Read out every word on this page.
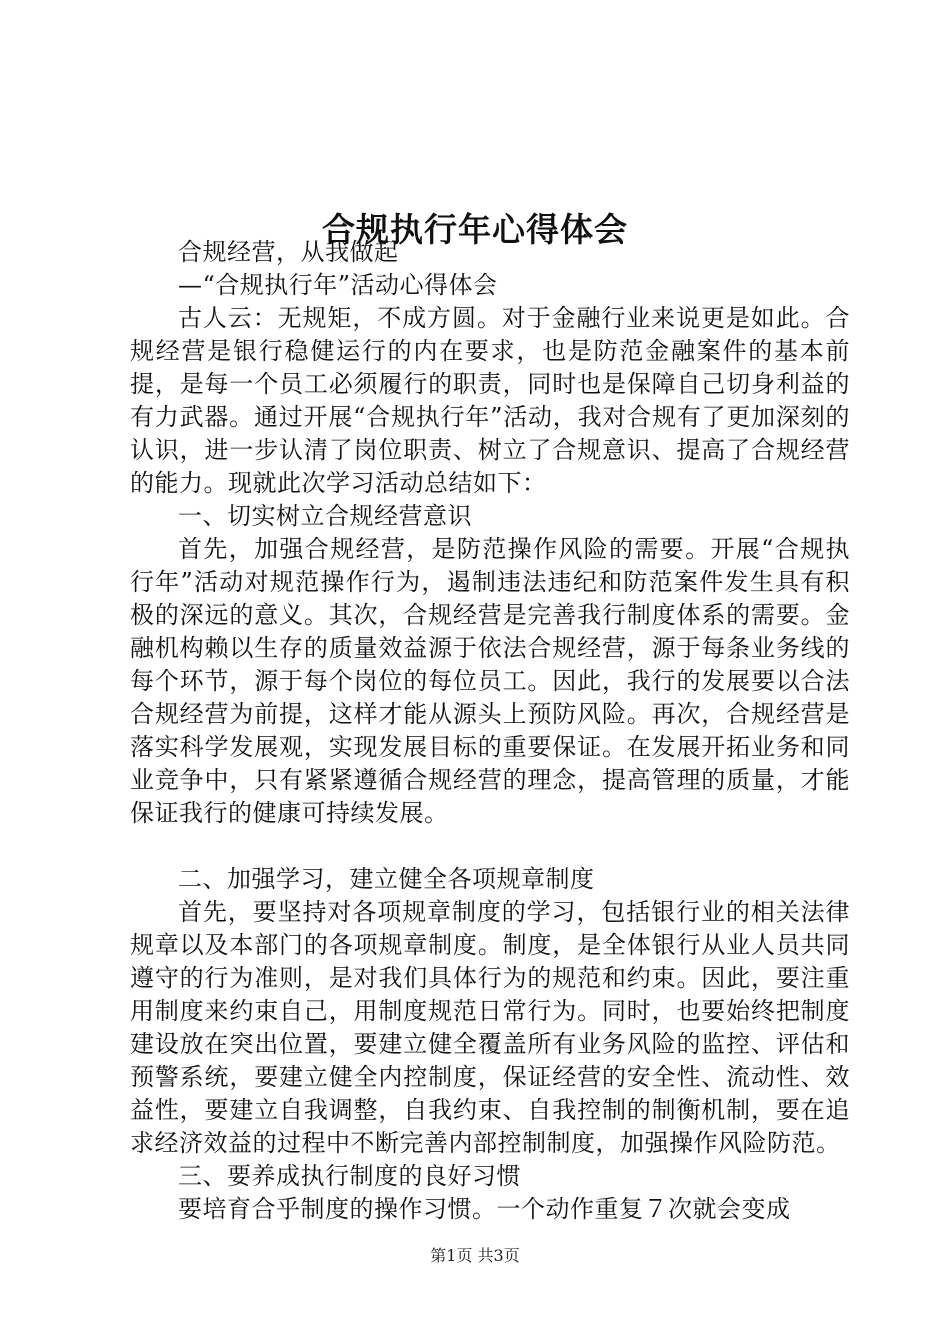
合规执行年心得体会

合规经营，从我做起

—“合规执行年”活动心得体会

古人云：无规矩，不成方圆。对于金融行业来说更是如此。合规经营是银行稳健运行的内在要求，也是防范金融案件的基本前提，是每一个员工必须履行的职责，同时也是保障自己切身利益的有力武器。通过开展“合规执行年”活动，我对合规有了更加深刻的认识，进一步认清了岗位职责、树立了合规意识、提高了合规经营的能力。现就此次学习活动总结如下：

一、切实树立合规经营意识

首先，加强合规经营，是防范操作风险的需要。开展“合规执行年”活动对规范操作行为，遏制违法违纪和防范案件发生具有积极的深远的意义。其次，合规经营是完善我行制度体系的需要。金融机构赖以生存的质量效益源于依法合规经营，源于每条业务线的每个环节，源于每个岗位的每位员工。因此，我行的发展要以合法合规经营为前提，这样才能从源头上预防风险。再次，合规经营是落实科学发展观，实现发展目标的重要保证。在发展开拓业务和同业竞争中，只有紧紧遵循合规经营的理念，提高管理的质量，才能保证我行的健康可持续发展。

二、加强学习，建立健全各项规章制度

首先，要坚持对各项规章制度的学习，包括银行业的相关法律规章以及本部门的各项规章制度。制度，是全体银行从业人员共同遵守的行为准则，是对我们具体行为的规范和约束。因此，要注重用制度来约束自己，用制度规范日常行为。同时，也要始终把制度建设放在突出位置，要建立健全覆盖所有业务风险的监控、评估和预警系统，要建立健全内控制度，保证经营的安全性、流动性、效益性，要建立自我调整，自我约束、自我控制的制衡机制，要在追求经济效益的过程中不断完善内部控制制度，加强操作风险防范。

三、要养成执行制度的良好习惯

要培育合乎制度的操作习惯。一个动作重复７次就会变成

第1页 共3页
